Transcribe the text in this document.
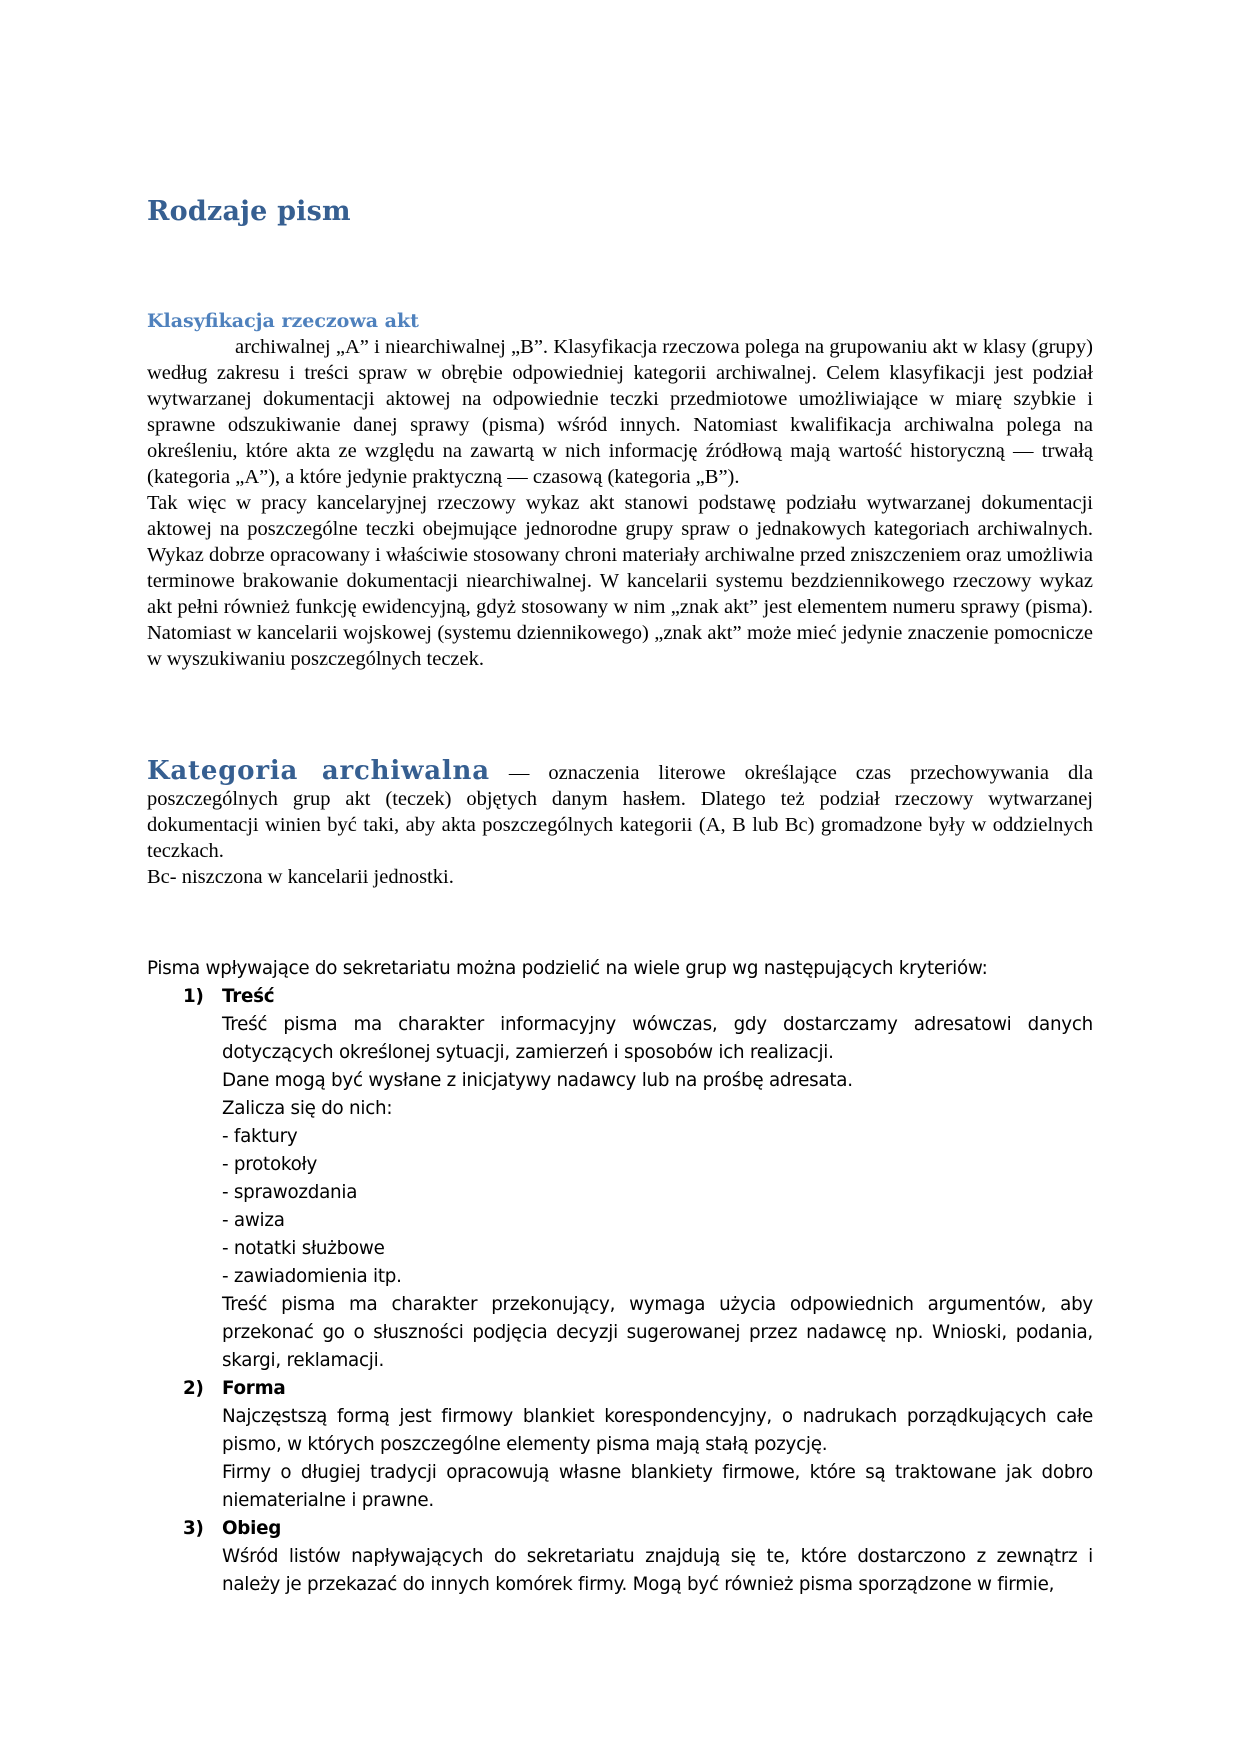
Rodzaje pism
Klasyfikacja rzeczowa akt

archiwalnej „A” i niearchiwalnej „B”. Klasyfikacja rzeczowa polega na grupowaniu akt w klasy (grupy) według zakresu i treści spraw w obrębie odpowiedniej kategorii archiwalnej. Celem klasyfikacji jest podział wytwarzanej dokumentacji aktowej na odpowiednie teczki przedmiotowe umożliwiające w miarę szybkie i sprawne odszukiwanie danej sprawy (pisma) wśród innych. Natomiast kwalifikacja archiwalna polega na określeniu, które akta ze względu na zawartą w nich informację źródłową mają wartość historyczną — trwałą (kategoria „A”), a które jedynie praktyczną — czasową (kategoria „B”).

Tak więc w pracy kancelaryjnej rzeczowy wykaz akt stanowi podstawę podziału wytwarzanej dokumentacji aktowej na poszczególne teczki obejmujące jednorodne grupy spraw o jednakowych kategoriach archiwalnych. Wykaz dobrze opracowany i właściwie stosowany chroni materiały archiwalne przed zniszczeniem oraz umożliwia terminowe brakowanie dokumentacji niearchiwalnej. W kancelarii systemu bezdziennikowego rzeczowy wykaz akt pełni również funkcję ewidencyjną, gdyż stosowany w nim „znak akt” jest elementem numeru sprawy (pisma). Natomiast w kancelarii wojskowej (systemu dziennikowego) „znak akt” może mieć jedynie znaczenie pomocnicze w wyszukiwaniu poszczególnych teczek.

Kategoria archiwalna — oznaczenia literowe określające czas przechowywania dla poszczególnych grup akt (teczek) objętych danym hasłem. Dlatego też podział rzeczowy wytwarzanej dokumentacji winien być taki, aby akta poszczególnych kategorii (A, B lub Bc) gromadzone były w oddzielnych teczkach.

Bc- niszczona w kancelarii jednostki.

Pisma wpływające do sekretariatu można podzielić na wiele grup wg następujących kryteriów:

1) Treść

Treść pisma ma charakter informacyjny wówczas, gdy dostarczamy adresatowi danych dotyczących określonej sytuacji, zamierzeń i sposobów ich realizacji.

Dane mogą być wysłane z inicjatywy nadawcy lub na prośbę adresata.

Zalicza się do nich:

- faktury

- protokoły

- sprawozdania

- awiza

- notatki służbowe

- zawiadomienia itp.

Treść pisma ma charakter przekonujący, wymaga użycia odpowiednich argumentów, aby przekonać go o słuszności podjęcia decyzji sugerowanej przez nadawcę np. Wnioski, podania, skargi, reklamacji.

2) Forma

Najczęstszą formą jest firmowy blankiet korespondencyjny, o nadrukach porządkujących całe pismo, w których poszczególne elementy pisma mają stałą pozycję.

Firmy o długiej tradycji opracowują własne blankiety firmowe, które są traktowane jak dobro niematerialne i prawne.

3) Obieg

Wśród listów napływających do sekretariatu znajdują się te, które dostarczono z zewnątrz i należy je przekazać do innych komórek firmy. Mogą być również pisma sporządzone w firmie,
